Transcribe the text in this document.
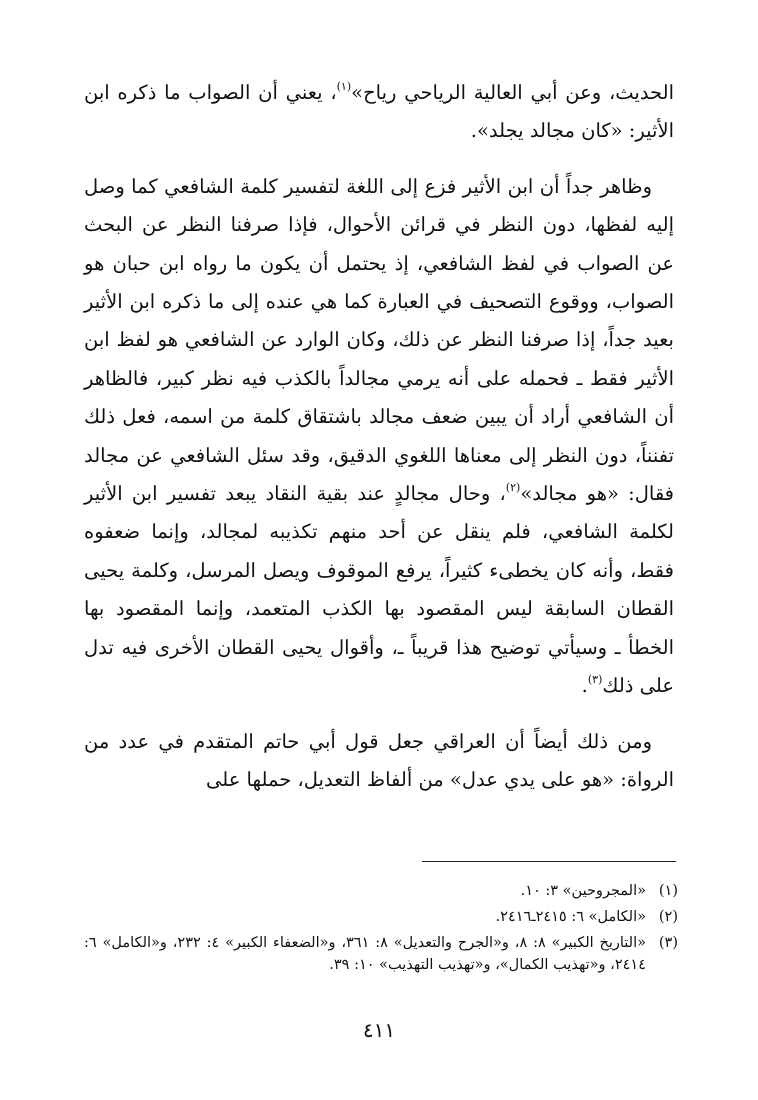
الحديث، وعن أبي العالية الرياحي رياح»$^{(١)}$، يعني أن الصواب ما ذكره ابن الأثير: «كان مجالد يجلد».

وظاهر جداً أن ابن الأثير فزع إلى اللغة لتفسير كلمة الشافعي كما وصل إليه لفظها، دون النظر في قرائن الأحوال، فإذا صرفنا النظر عن البحث عن الصواب في لفظ الشافعي، إذ يحتمل أن يكون ما رواه ابن حبان هو الصواب، ووقوع التصحيف في العبارة كما هي عنده إلى ما ذكره ابن الأثير بعيد جداً، إذا صرفنا النظر عن ذلك، وكان الوارد عن الشافعي هو لفظ ابن الأثير فقط ـ فحمله على أنه يرمي مجالداً بالكذب فيه نظر كبير، فالظاهر أن الشافعي أراد أن يبين ضعف مجالد باشتقاق كلمة من اسمه، فعل ذلك تفنناً، دون النظر إلى معناها اللغوي الدقيق، وقد سئل الشافعي عن مجالد فقال: «هو مجالد»$^{(٢)}$، وحال مجالدٍ عند بقية النقاد يبعد تفسير ابن الأثير لكلمة الشافعي، فلم ينقل عن أحد منهم تكذيبه لمجالد، وإنما ضعفوه فقط، وأنه كان يخطىء كثيراً، يرفع الموقوف ويصل المرسل، وكلمة يحيى القطان السابقة ليس المقصود بها الكذب المتعمد، وإنما المقصود بها الخطأ ـ وسيأتي توضيح هذا قريباً ـ، وأقوال يحيى القطان الأخرى فيه تدل على ذلك$^{(٣)}$.

ومن ذلك أيضاً أن العراقي جعل قول أبي حاتم المتقدم في عدد من الرواة: «هو على يدي عدل» من ألفاظ التعديل، حملها على

(١)
«المجروحين» ٣: ١٠.
(٢)
«الكامل» ٦: ٢٤١٥ـ٢٤١٦.
(٣)
«التاريخ الكبير» ٨: ٨، و«الجرح والتعديل» ٨: ٣٦١، و«الضعفاء الكبير» ٤: ٢٣٢، و«الكامل» ٦: ٢٤١٤، و«تهذيب الكمال»، و«تهذيب التهذيب» ١٠: ٣٩.
٤١١
